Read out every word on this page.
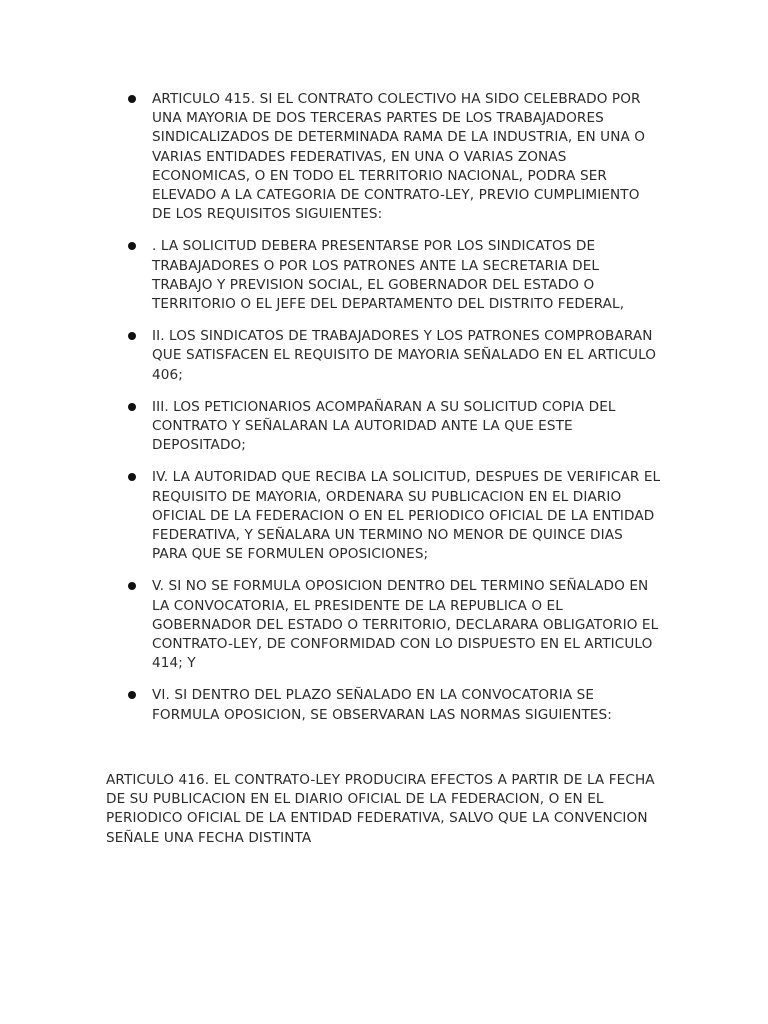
ARTICULO 415. SI EL CONTRATO COLECTIVO HA SIDO CELEBRADO POR UNA MAYORIA DE DOS TERCERAS PARTES DE LOS TRABAJADORES SINDICALIZADOS DE DETERMINADA RAMA DE LA INDUSTRIA, EN UNA O VARIAS ENTIDADES FEDERATIVAS, EN UNA O VARIAS ZONAS ECONOMICAS, O EN TODO EL TERRITORIO NACIONAL, PODRA SER ELEVADO A LA CATEGORIA DE CONTRATO-LEY, PREVIO CUMPLIMIENTO DE LOS REQUISITOS SIGUIENTES:
. LA SOLICITUD DEBERA PRESENTARSE POR LOS SINDICATOS DE TRABAJADORES O POR LOS PATRONES ANTE LA SECRETARIA DEL TRABAJO Y PREVISION SOCIAL, EL GOBERNADOR DEL ESTADO O TERRITORIO O EL JEFE DEL DEPARTAMENTO DEL DISTRITO FEDERAL,
II. LOS SINDICATOS DE TRABAJADORES Y LOS PATRONES COMPROBARAN QUE SATISFACEN EL REQUISITO DE MAYORIA SEÑALADO EN EL ARTICULO 406;
III. LOS PETICIONARIOS ACOMPAÑARAN A SU SOLICITUD COPIA DEL CONTRATO Y SEÑALARAN LA AUTORIDAD ANTE LA QUE ESTE DEPOSITADO;
IV. LA AUTORIDAD QUE RECIBA LA SOLICITUD, DESPUES DE VERIFICAR EL REQUISITO DE MAYORIA, ORDENARA SU PUBLICACION EN EL DIARIO OFICIAL DE LA FEDERACION O EN EL PERIODICO OFICIAL DE LA ENTIDAD FEDERATIVA, Y SEÑALARA UN TERMINO NO MENOR DE QUINCE DIAS PARA QUE SE FORMULEN OPOSICIONES;
V. SI NO SE FORMULA OPOSICION DENTRO DEL TERMINO SEÑALADO EN LA CONVOCATORIA, EL PRESIDENTE DE LA REPUBLICA O EL GOBERNADOR DEL ESTADO O TERRITORIO, DECLARARA OBLIGATORIO EL CONTRATO-LEY, DE CONFORMIDAD CON LO DISPUESTO EN EL ARTICULO 414; Y
VI. SI DENTRO DEL PLAZO SEÑALADO EN LA CONVOCATORIA SE FORMULA OPOSICION, SE OBSERVARAN LAS NORMAS SIGUIENTES:

ARTICULO 416. EL CONTRATO-LEY PRODUCIRA EFECTOS A PARTIR DE LA FECHA DE SU PUBLICACION EN EL DIARIO OFICIAL DE LA FEDERACION, O EN EL PERIODICO OFICIAL DE LA ENTIDAD FEDERATIVA, SALVO QUE LA CONVENCION SEÑALE UNA FECHA DISTINTA
